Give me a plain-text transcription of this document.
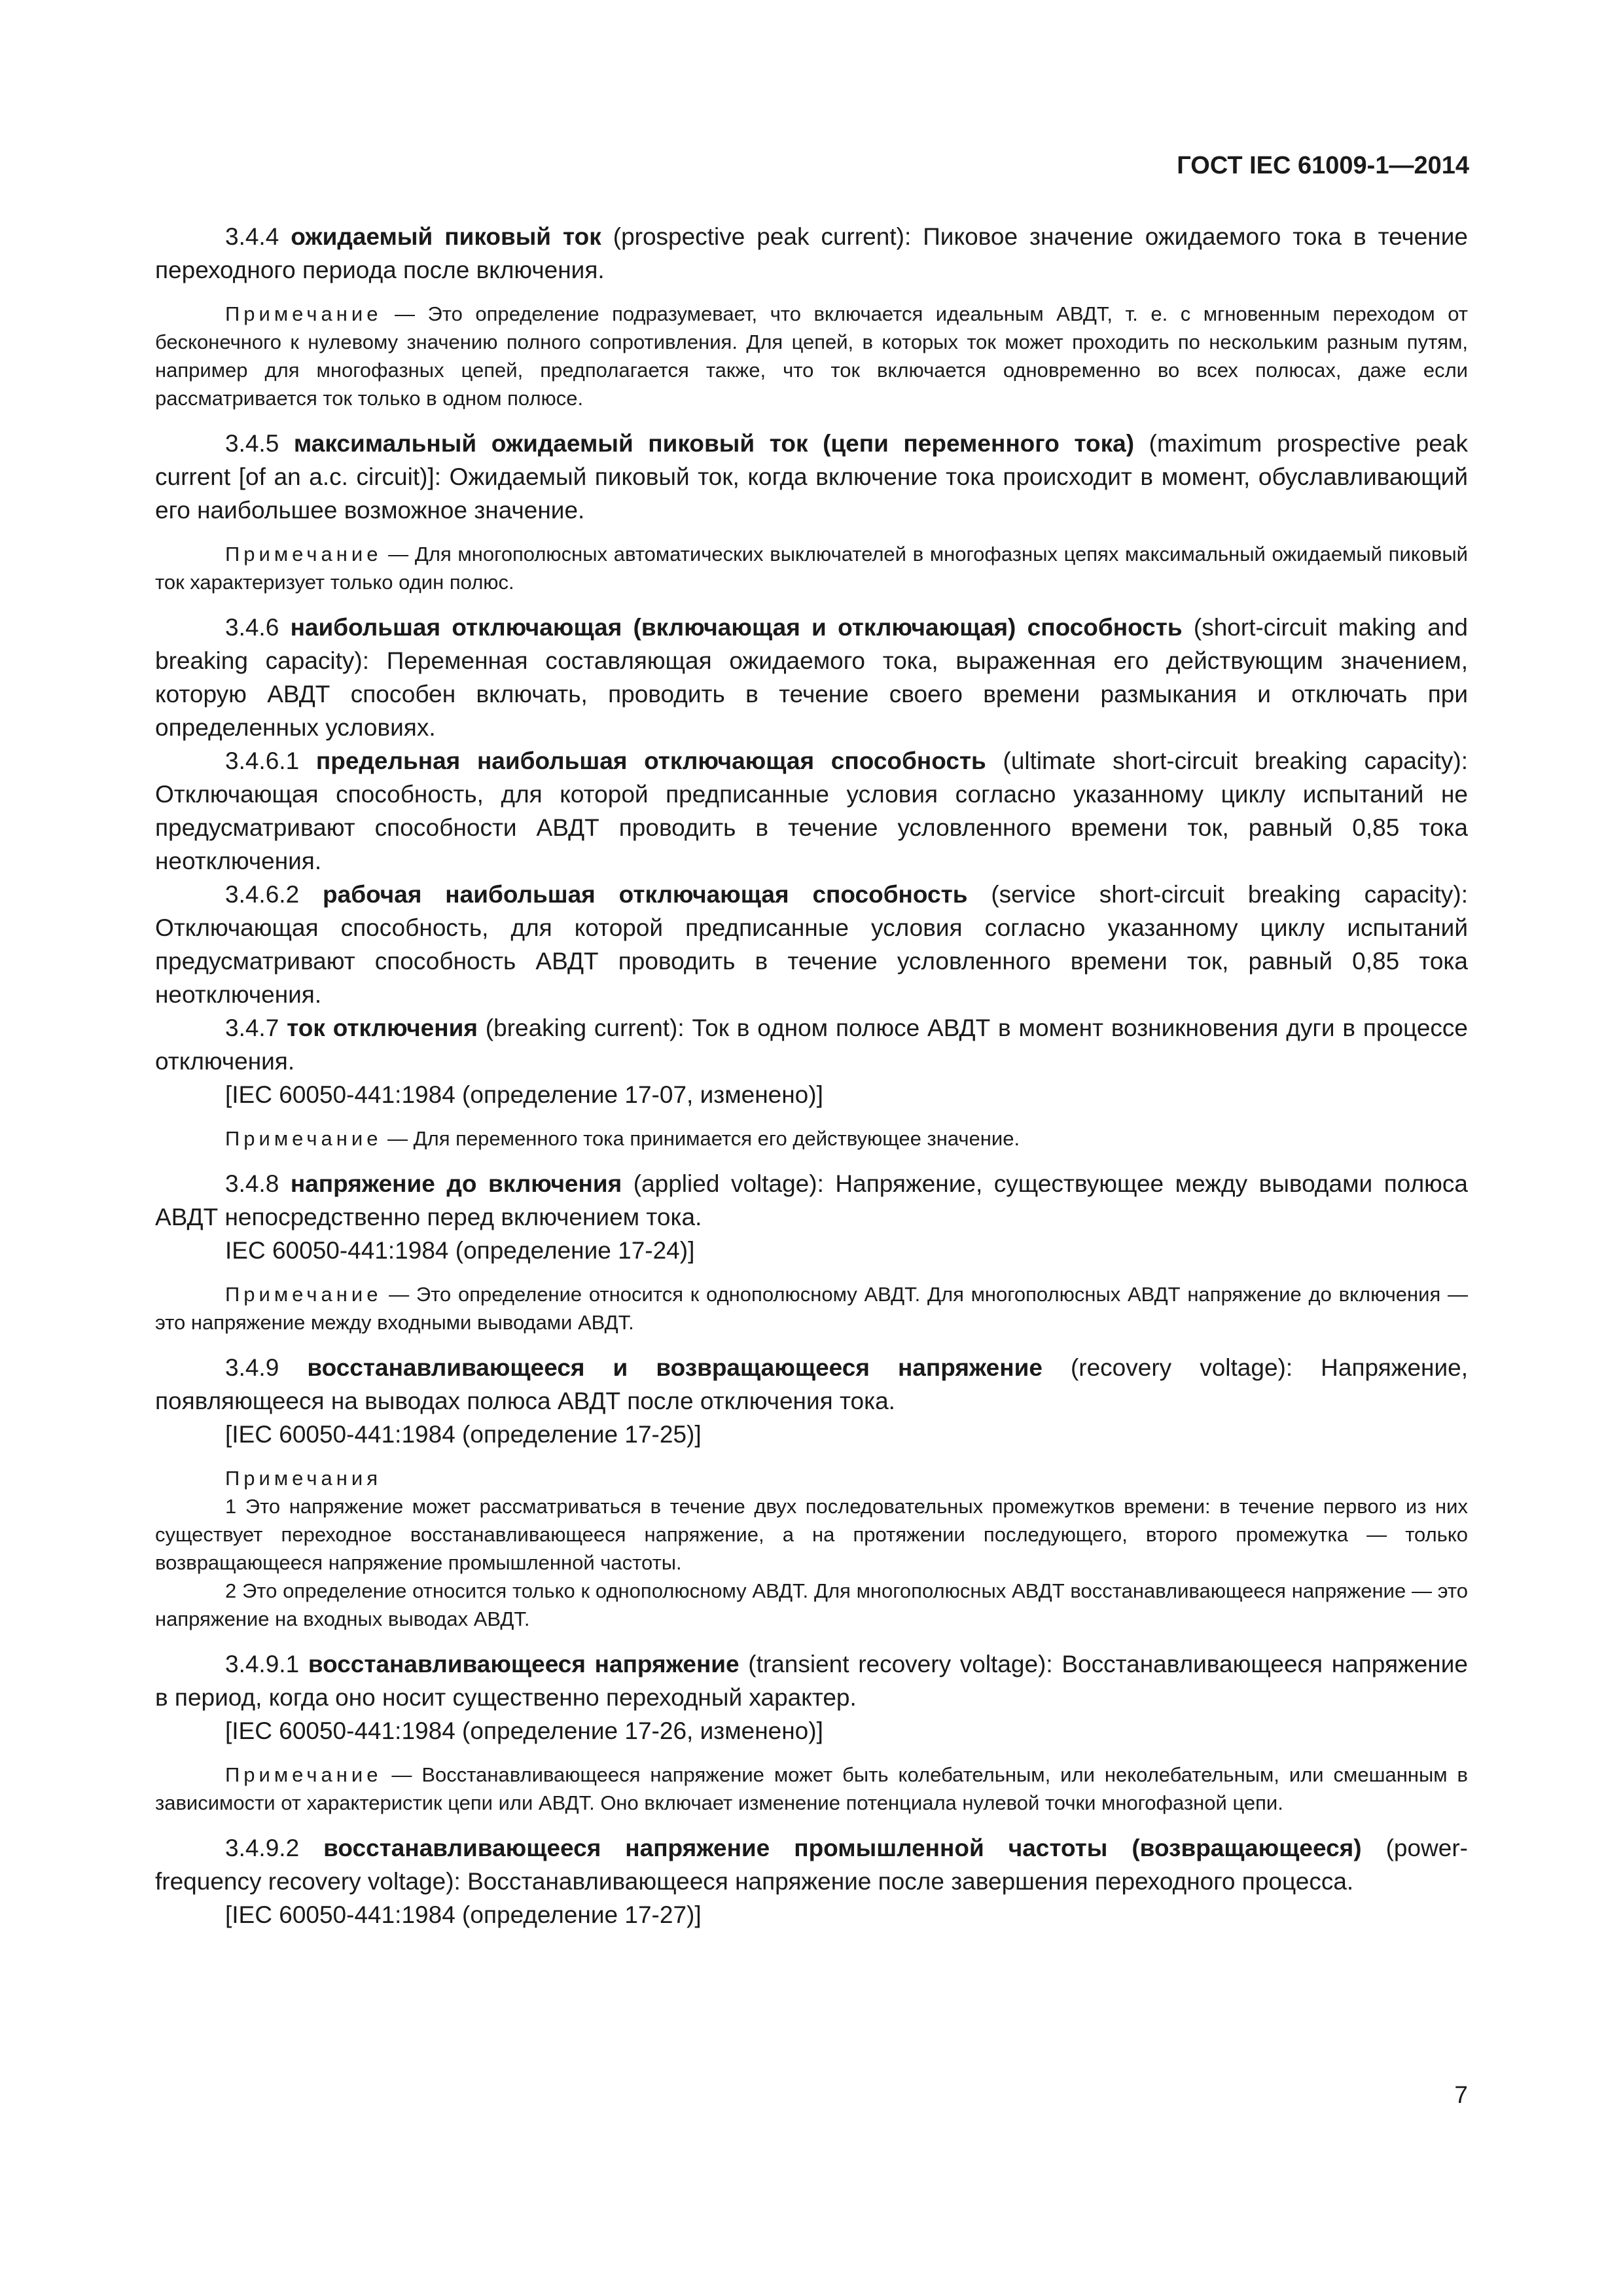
ГОСТ IEC 61009-1—2014

3.4.4 ожидаемый пиковый ток (prospective peak current): Пиковое значение ожидаемого тока в течение переходного периода после включения.

Примечание — Это определение подразумевает, что включается идеальным АВДТ, т. е. с мгновенным переходом от бесконечного к нулевому значению полного сопротивления. Для цепей, в которых ток может проходить по нескольким разным путям, например для многофазных цепей, предполагается также, что ток включается одновременно во всех полюсах, даже если рассматривается ток только в одном полюсе.

3.4.5 максимальный ожидаемый пиковый ток (цепи переменного тока) (maximum prospective peak current [of an a.c. circuit)]: Ожидаемый пиковый ток, когда включение тока происходит в момент, обуславливающий его наибольшее возможное значение.

Примечание — Для многополюсных автоматических выключателей в многофазных цепях максимальный ожидаемый пиковый ток характеризует только один полюс.

3.4.6 наибольшая отключающая (включающая и отключающая) способность (short-circuit making and breaking capacity): Переменная составляющая ожидаемого тока, выраженная его действующим значением, которую АВДТ способен включать, проводить в течение своего времени размыкания и отключать при определенных условиях.

3.4.6.1 предельная наибольшая отключающая способность (ultimate short-circuit breaking capacity): Отключающая способность, для которой предписанные условия согласно указанному циклу испытаний не предусматривают способности АВДТ проводить в течение условленного времени ток, равный 0,85 тока неотключения.

3.4.6.2 рабочая наибольшая отключающая способность (service short-circuit breaking capacity): Отключающая способность, для которой предписанные условия согласно указанному циклу испытаний предусматривают способность АВДТ проводить в течение условленного времени ток, равный 0,85 тока неотключения.

3.4.7 ток отключения (breaking current): Ток в одном полюсе АВДТ в момент возникновения дуги в процессе отключения.

[IEC 60050-441:1984 (определение 17-07, изменено)]

Примечание — Для переменного тока принимается его действующее значение.

3.4.8 напряжение до включения (applied voltage): Напряжение, существующее между выводами полюса АВДТ непосредственно перед включением тока.

IEC 60050-441:1984 (определение 17-24)]

Примечание — Это определение относится к однополюсному АВДТ. Для многополюсных АВДТ напряжение до включения — это напряжение между входными выводами АВДТ.

3.4.9 восстанавливающееся и возвращающееся напряжение (recovery voltage): Напряжение, появляющееся на выводах полюса АВДТ после отключения тока.

[IEC 60050-441:1984 (определение 17-25)]

Примечания

1 Это напряжение может рассматриваться в течение двух последовательных промежутков времени: в течение первого из них существует переходное восстанавливающееся напряжение, а на протяжении последующего, второго промежутка — только возвращающееся напряжение промышленной частоты.

2 Это определение относится только к однополюсному АВДТ. Для многополюсных АВДТ восстанавливающееся напряжение — это напряжение на входных выводах АВДТ.

3.4.9.1 восстанавливающееся напряжение (transient recovery voltage): Восстанавливающееся напряжение в период, когда оно носит существенно переходный характер.

[IEC 60050-441:1984 (определение 17-26, изменено)]

Примечание — Восстанавливающееся напряжение может быть колебательным, или неколебательным, или смешанным в зависимости от характеристик цепи или АВДТ. Оно включает изменение потенциала нулевой точки многофазной цепи.

3.4.9.2 восстанавливающееся напряжение промышленной частоты (возвращающееся) (power-frequency recovery voltage): Восстанавливающееся напряжение после завершения переходного процесса.

[IEC 60050-441:1984 (определение 17-27)]

7
